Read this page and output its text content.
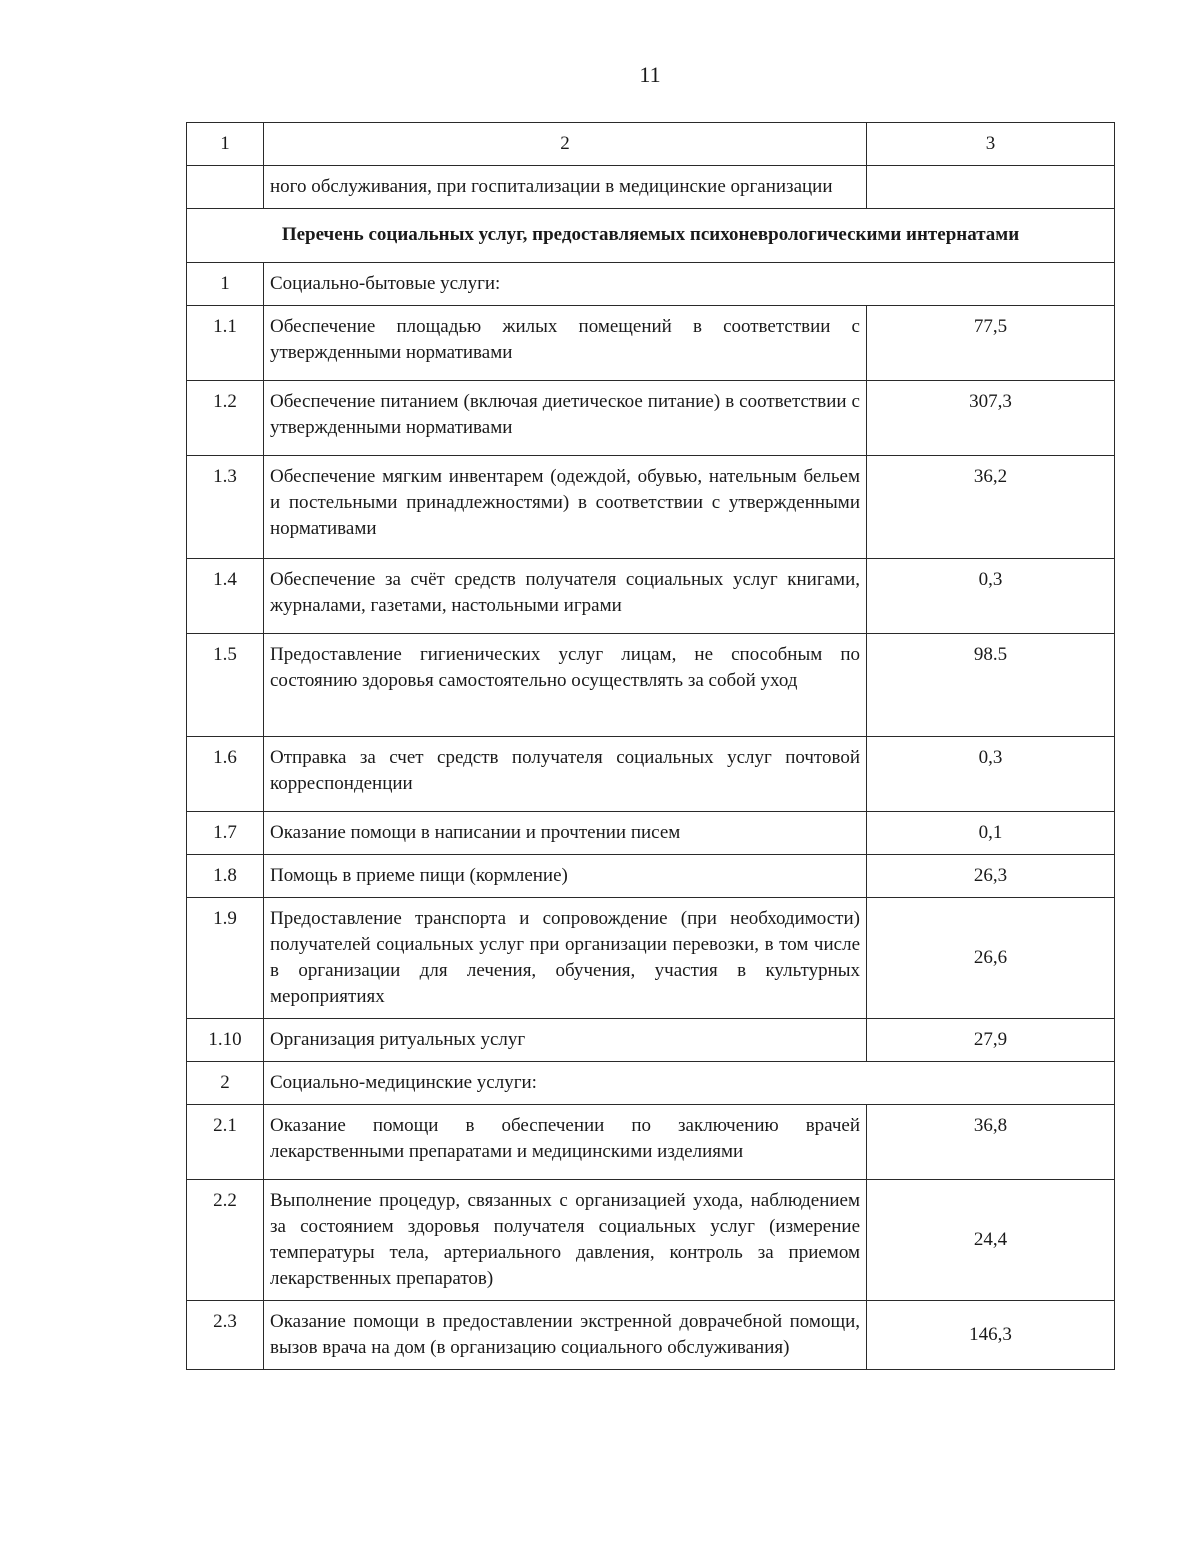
11
1	2	3
	ного обслуживания, при госпитализации в медицинские организации	
Перечень социальных услуг, предоставляемых психоневрологическими интернатами		
1	Социально-бытовые услуги:	
1.1	Обеспечение площадью жилых помещений в соответствии с утвержденными нормативами	77,5
1.2	Обеспечение питанием (включая диетическое питание) в соответствии с утвержденными нормативами	307,3
1.3	Обеспечение мягким инвентарем (одеждой, обувью, нательным бельем и постельными принадлежностями) в соответствии с утвержденными нормативами	36,2
1.4	Обеспечение за счёт средств получателя социальных услуг книгами, журналами, газетами, настольными играми	0,3
1.5	Предоставление гигиенических услуг лицам, не способным по состоянию здоровья самостоятельно осуществлять за собой уход	98.5
1.6	Отправка за счет средств получателя социальных услуг почтовой корреспонденции	0,3
1.7	Оказание помощи в написании и прочтении писем	0,1
1.8	Помощь в приеме пищи (кормление)	26,3
1.9	Предоставление транспорта и сопровождение (при необходимости) получателей социальных услуг при организации перевозки, в том числе в организации для лечения, обучения, участия в культурных мероприятиях	26,6
1.10	Организация ритуальных услуг	27,9
2	Социально-медицинские услуги:	
2.1	Оказание помощи в обеспечении по заключению врачей лекарственными препаратами и медицинскими изделиями	36,8
2.2	Выполнение процедур, связанных с организацией ухода, наблюдением за состоянием здоровья получателя социальных услуг (измерение температуры тела, артериального давления, контроль за приемом лекарственных препаратов)	24,4
2.3	Оказание помощи в предоставлении экстренной доврачебной помощи, вызов врача на дом (в организацию социального обслуживания)	146,3
